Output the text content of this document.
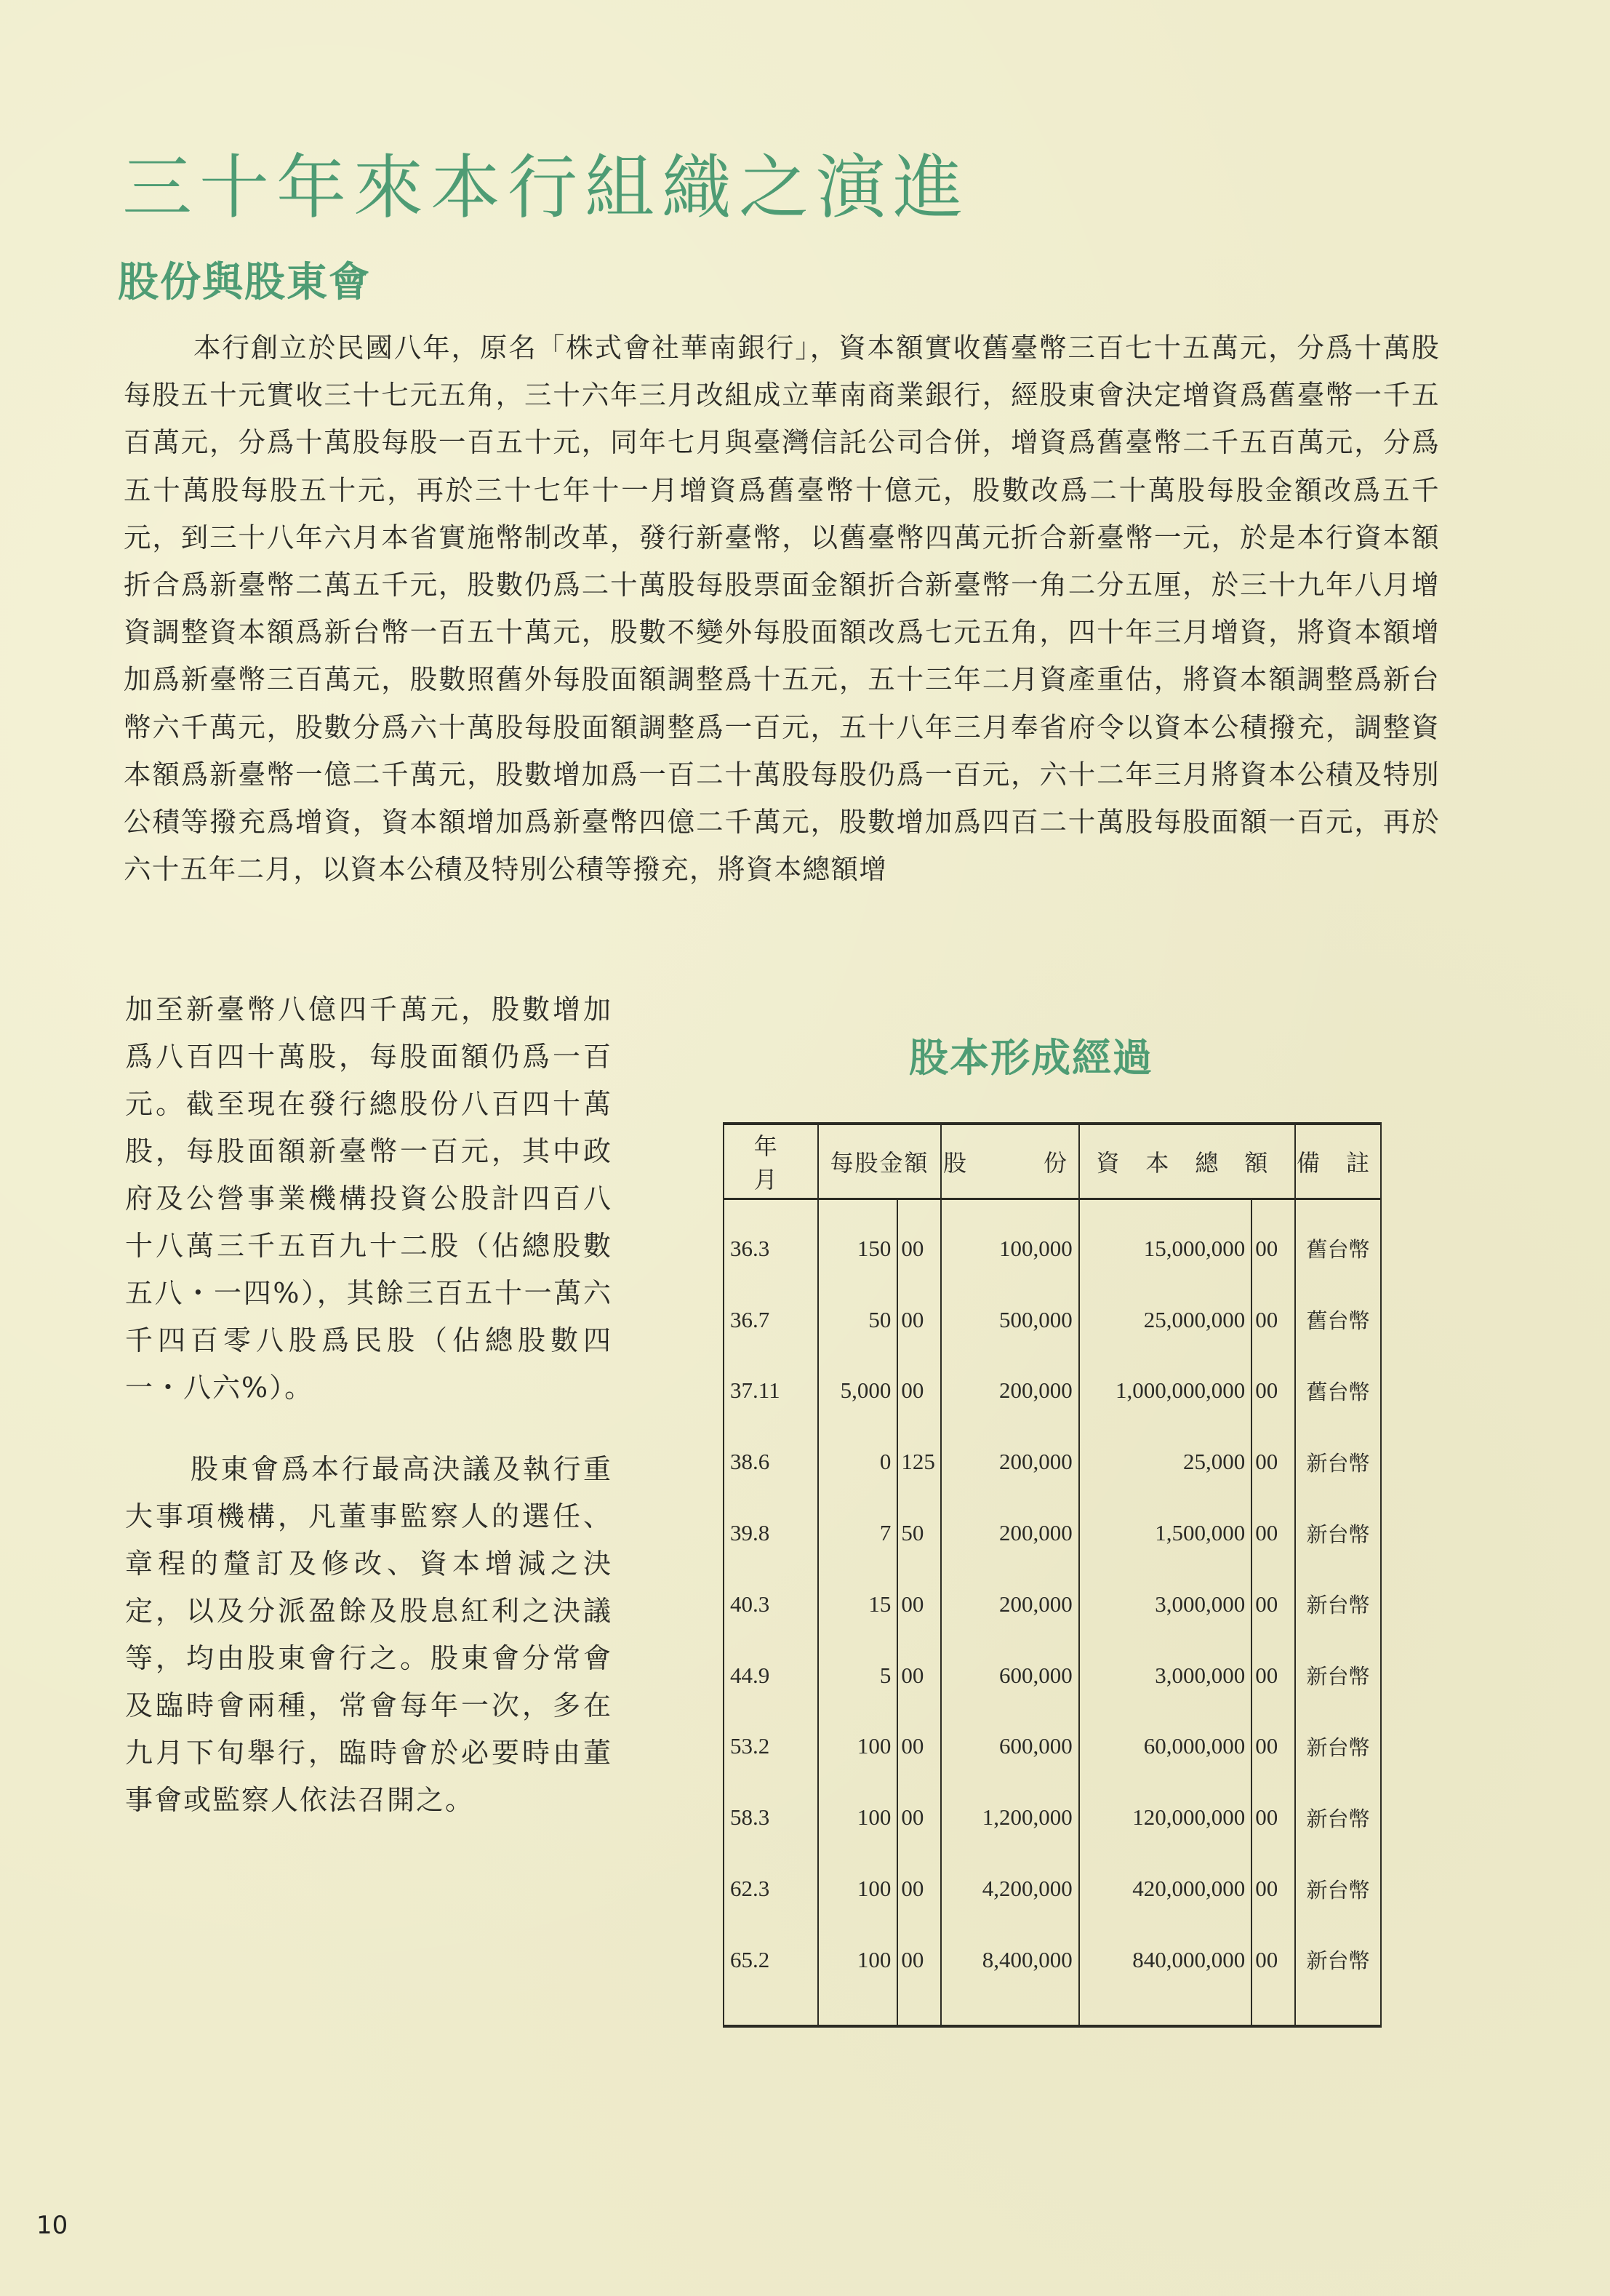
三十年來本行組織之演進
股份與股東會

本行創立於民國八年，原名「株式會社華南銀行」，資本額實收舊臺幣三百七十五萬元，分爲十萬股每股五十元實收三十七元五角，三十六年三月改組成立華南商業銀行，經股東會決定增資爲舊臺幣一千五百萬元，分爲十萬股每股一百五十元，同年七月與臺灣信託公司合併，增資爲舊臺幣二千五百萬元，分爲五十萬股每股五十元，再於三十七年十一月增資爲舊臺幣十億元，股數改爲二十萬股每股金額改爲五千元，到三十八年六月本省實施幣制改革，發行新臺幣，以舊臺幣四萬元折合新臺幣一元，於是本行資本額折合爲新臺幣二萬五千元，股數仍爲二十萬股每股票面金額折合新臺幣一角二分五厘，於三十九年八月增資調整資本額爲新台幣一百五十萬元，股數不變外每股面額改爲七元五角，四十年三月增資，將資本額增加爲新臺幣三百萬元，股數照舊外每股面額調整爲十五元，五十三年二月資產重估，將資本額調整爲新台幣六千萬元，股數分爲六十萬股每股面額調整爲一百元，五十八年三月奉省府令以資本公積撥充，調整資本額爲新臺幣一億二千萬元，股數增加爲一百二十萬股每股仍爲一百元，六十二年三月將資本公積及特別公積等撥充爲增資，資本額增加爲新臺幣四億二千萬元，股數增加爲四百二十萬股每股面額一百元，再於六十五年二月，以資本公積及特別公積等撥充，將資本總額增

加至新臺幣八億四千萬元，股數增加爲八百四十萬股，每股面額仍爲一百元。截至現在發行總股份八百四十萬股，每股面額新臺幣一百元，其中政府及公營事業機構投資公股計四百八十八萬三千五百九十二股（佔總股數五八・一四%），其餘三百五十一萬六千四百零八股爲民股（佔總股數四一・八六%）。

股東會爲本行最高決議及執行重大事項機構，凡董事監察人的選任、章程的釐訂及修改、資本增減之決定，以及分派盈餘及股息紅利之決議等，均由股東會行之。股東會分常會及臨時會兩種，常會每年一次，多在九月下旬舉行，臨時會於必要時由董事會或監察人依法召開之。

股本形成經過
年　月	每股金額		股　　份	資 本 總 額		備 註
36.3	150	00	100,000	15,000,000	00	舊台幣
36.7	50	00	500,000	25,000,000	00	舊台幣
37.11	5,000	00	200,000	1,000,000,000	00	舊台幣
38.6	0	125	200,000	25,000	00	新台幣
39.8	7	50	200,000	1,500,000	00	新台幣
40.3	15	00	200,000	3,000,000	00	新台幣
44.9	5	00	600,000	3,000,000	00	新台幣
53.2	100	00	600,000	60,000,000	00	新台幣
58.3	100	00	1,200,000	120,000,000	00	新台幣
62.3	100	00	4,200,000	420,000,000	00	新台幣
65.2	100	00	8,400,000	840,000,000	00	新台幣
10
